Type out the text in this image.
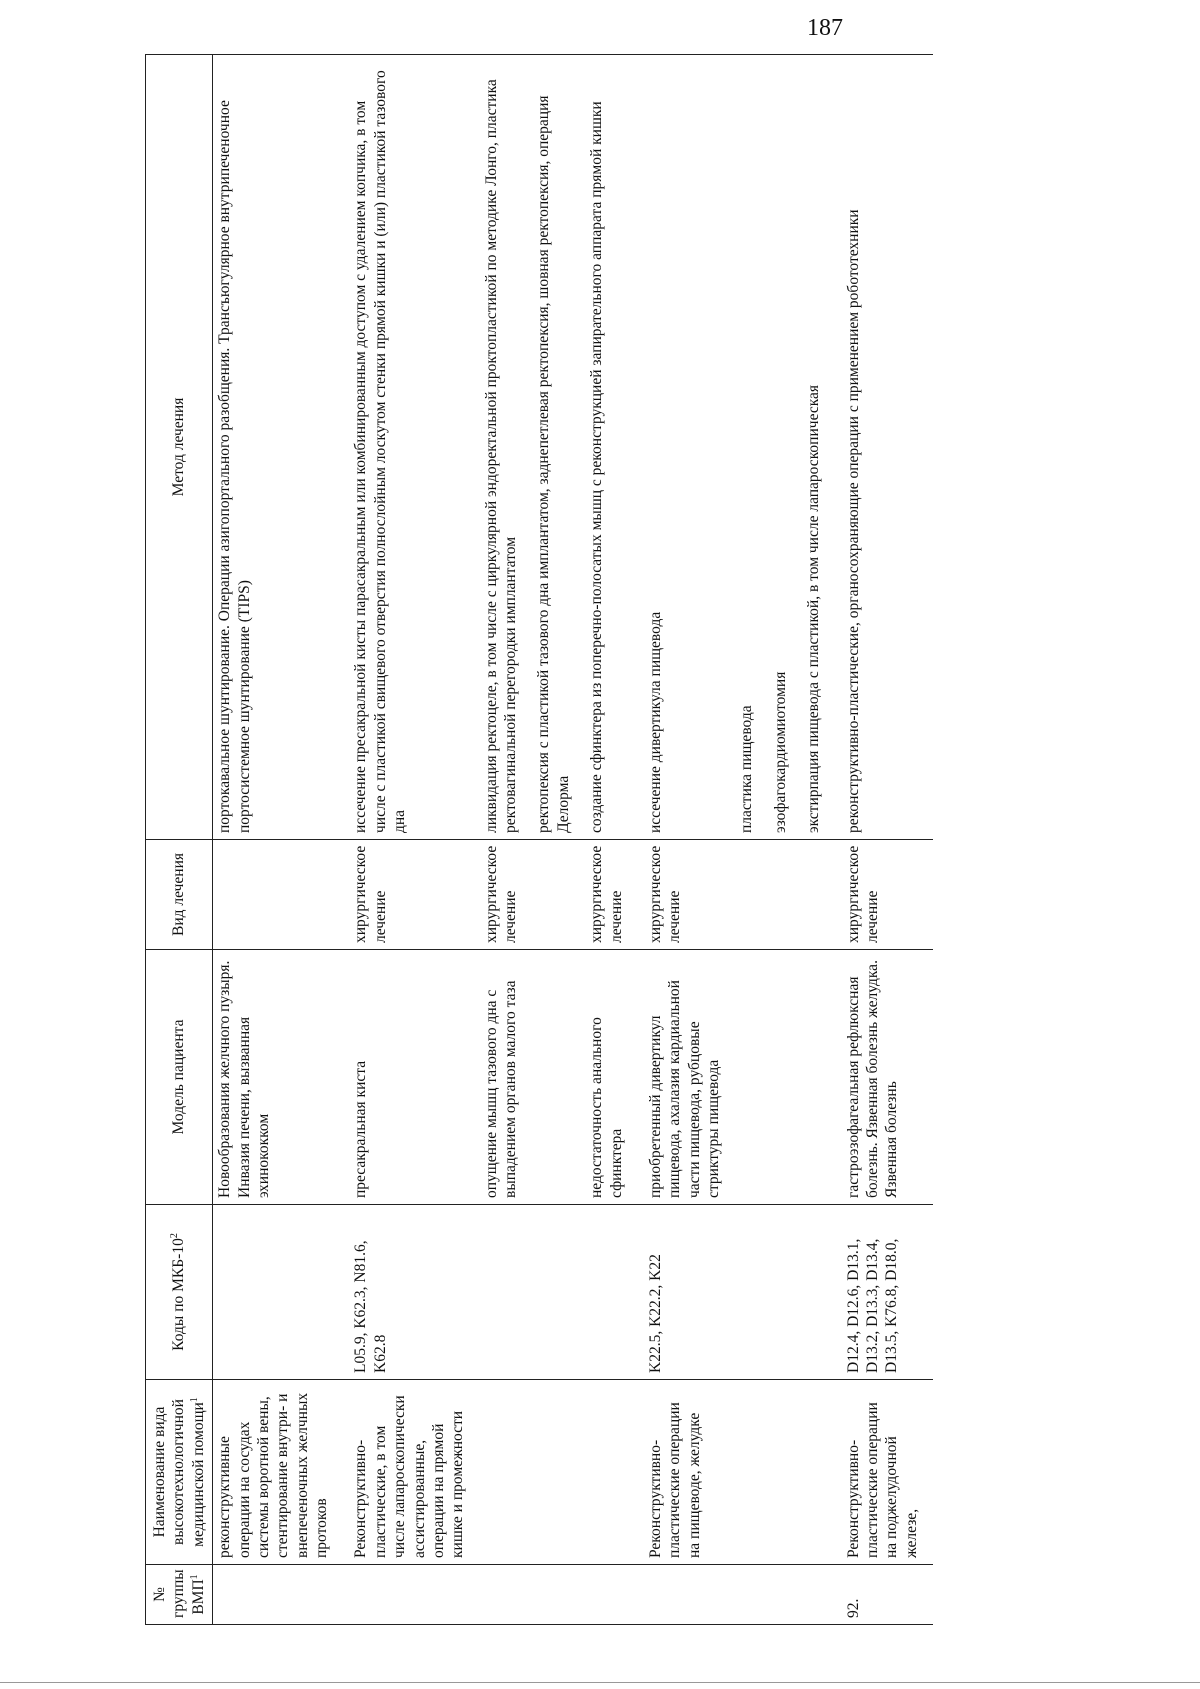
187
№ группы ВМП$^1$	Наименование вида высокотехнологичной медицинской помощи$^1$	Коды по МКБ-$10^2$	Модель пациента	Вид лечения	Метод лечения
	реконструктивные операции на сосудах системы воротной вены, стентирование внутри- и внепеченочных желчных протоков		Новообразования желчного пузыря. Инвазия печени, вызванная эхинококком		портокавальное шунтирование. Операции азигопортального разобщения. Трансъюгулярное внутрипеченочное портосистемное шунтирование (TIPS)

	Реконструктивно-пластические, в том числе лапароскопически ассистированные, операции на прямой кишке и промежности	L05.9, K62.3, N81.6, K62.8	пресакральная киста	хирургическое лечение	иссечение пресакральной кисты парасакральным или комбинированным доступом с удалением копчика, в том числе с пластикой свищевого отверстия полнослойным лоскутом стенки прямой кишки и (или) пластикой тазового дна

			опущение мышц тазового дна с выпадением органов малого таза	хирургическое лечение	ликвидация ректоцеле, в том числе с циркулярной эндоректальной проктопластикой по методике Лонго, пластика ректовагинальной перегородки имплантатом

					ректопексия с пластикой тазового дна имплантатом, заднепетлевая ректопексия, шовная ректопексия, операция Делорма

			недостаточность анального сфинктера	хирургическое лечение	создание сфинктера из поперечно-полосатых мышц с реконструкцией запирательного аппарата прямой кишки

	Реконструктивно-пластические операции на пищеводе, желудке	K22.5, K22.2, K22	приобретенный дивертикул пищевода, ахалазия кардиальной части пищевода, рубцовые стриктуры пищевода	хирургическое лечение	иссечение дивертикула пищевода

					пластика пищевода

					эзофагокардиомиотомия

					экстирпация пищевода с пластикой, в том числе лапароскопическая

92.	Реконструктивно-пластические операции на поджелудочной железе,	D12.4, D12.6, D13.1, D13.2, D13.3, D13.4, D13.5, K76.8, D18.0,	гастроэзофагеальная рефлюксная болезнь. Язвенная болезнь желудка. Язвенная болезнь	хирургическое лечение	реконструктивно-пластические, органосохраняющие операции с применением робототехники
